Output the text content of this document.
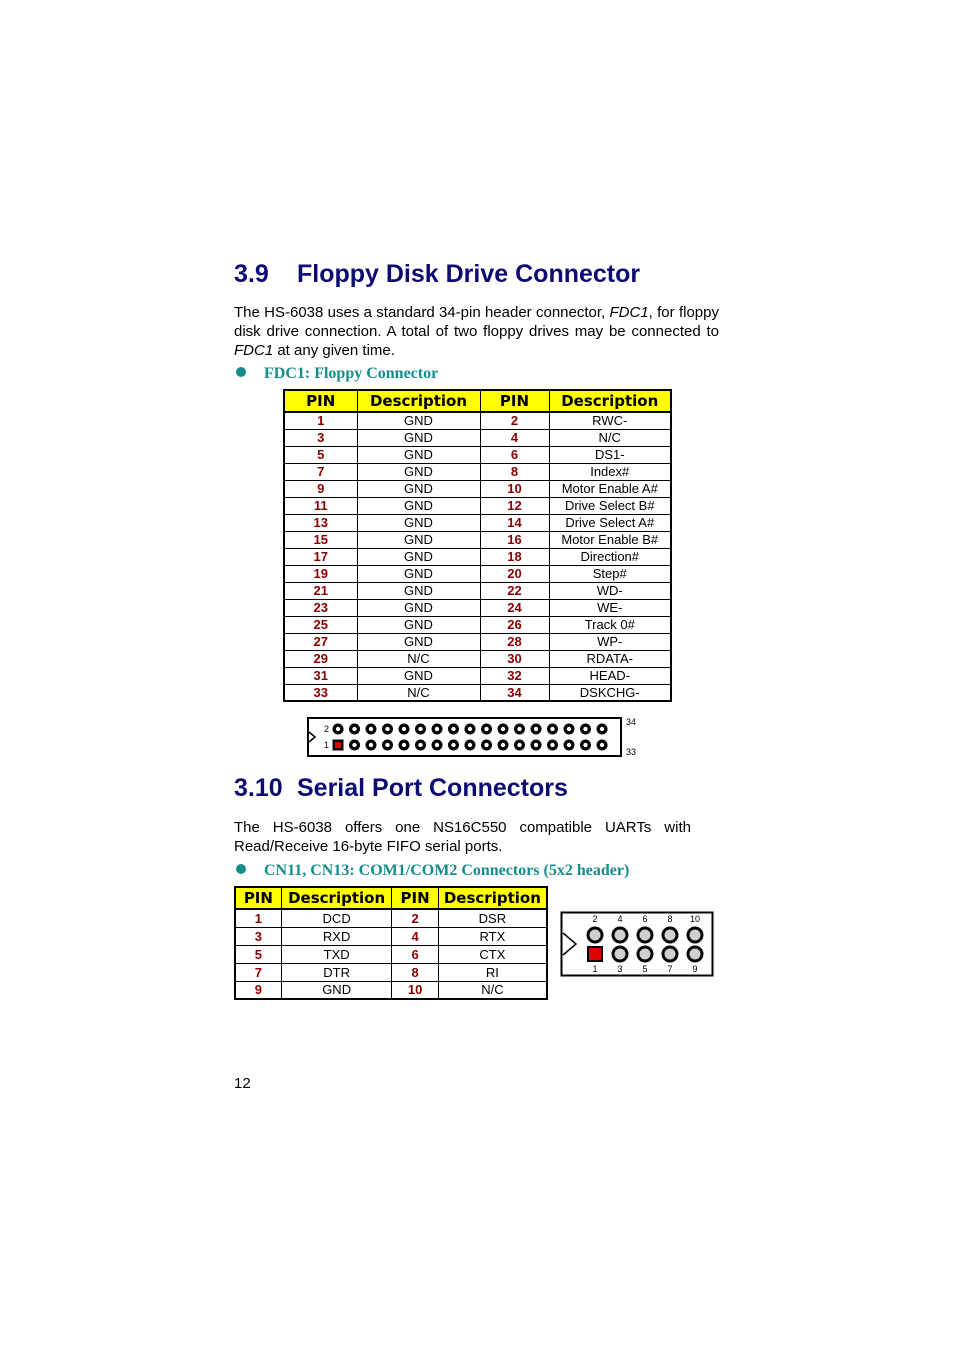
3.9 Floppy Disk Drive Connector
The HS-6038 uses a standard 34-pin header connector, FDC1, for floppy disk drive connection. A total of two floppy drives may be connected to FDC1 at any given time.
FDC1: Floppy Connector
PIN	Description	PIN	Description
1	GND	2	RWC-
3	GND	4	N/C
5	GND	6	DS1-
7	GND	8	Index#
9	GND	10	Motor Enable A#
11	GND	12	Drive Select B#
13	GND	14	Drive Select A#
15	GND	16	Motor Enable B#
17	GND	18	Direction#
19	GND	20	Step#
21	GND	22	WD-
23	GND	24	WE-
25	GND	26	Track 0#
27	GND	28	WP-
29	N/C	30	RDATA-
31	GND	32	HEAD-
33	N/C	34	DSKCHG-
2
1
34
33
3.10 Serial Port Connectors
The HS-6038 offers one NS16C550 compatible UARTs with Read/Receive 16-byte FIFO serial ports.
CN11, CN13: COM1/COM2 Connectors (5x2 header)
PIN	Description	PIN	Description
1	DCD	2	DSR
3	RXD	4	RTX
5	TXD	6	CTX
7	DTR	8	RI
9	GND	10	N/C
2
1
4
3
6
5
8
7
10
9
12
